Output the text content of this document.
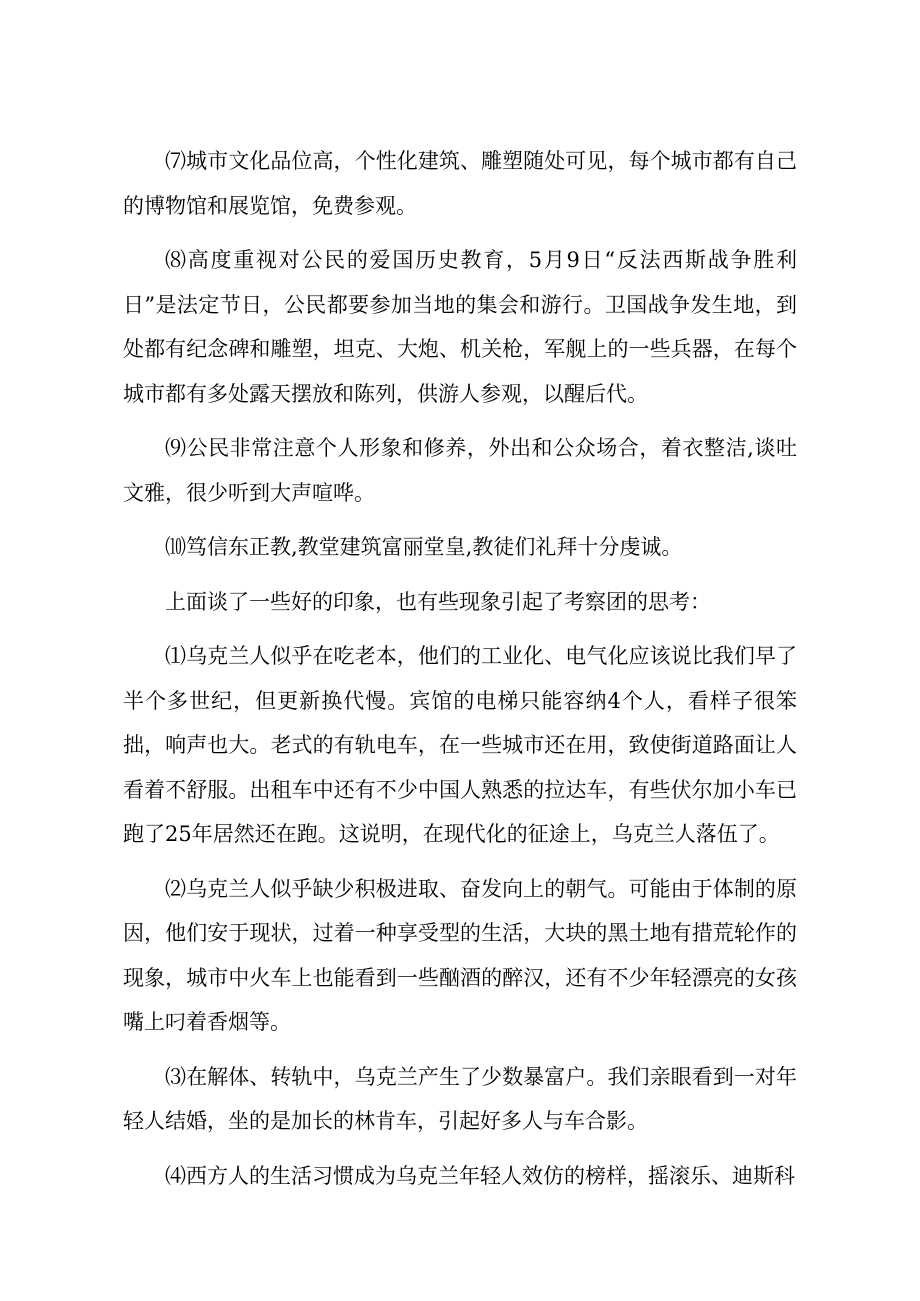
⑺城市文化品位高，个性化建筑、雕塑随处可见，每个城市都有自己的博物馆和展览馆，免费参观。

⑻高度重视对公民的爱国历史教育，5月9日“反法西斯战争胜利日”是法定节日，公民都要参加当地的集会和游行。卫国战争发生地，到处都有纪念碑和雕塑，坦克、大炮、机关枪，军舰上的一些兵器，在每个城市都有多处露天摆放和陈列，供游人参观，以醒后代。

⑼公民非常注意个人形象和修养，外出和公众场合，着衣整洁,谈吐文雅，很少听到大声喧哗。

⑽笃信东正教,教堂建筑富丽堂皇,教徒们礼拜十分虔诚。

上面谈了一些好的印象，也有些现象引起了考察团的思考：

⑴乌克兰人似乎在吃老本，他们的工业化、电气化应该说比我们早了半个多世纪，但更新换代慢。宾馆的电梯只能容纳4个人，看样子很笨拙，响声也大。老式的有轨电车，在一些城市还在用，致使街道路面让人看着不舒服。出租车中还有不少中国人熟悉的拉达车，有些伏尔加小车已跑了25年居然还在跑。这说明，在现代化的征途上，乌克兰人落伍了。

⑵乌克兰人似乎缺少积极进取、奋发向上的朝气。可能由于体制的原因，他们安于现状，过着一种享受型的生活，大块的黑土地有措荒轮作的现象，城市中火车上也能看到一些酗酒的醉汉，还有不少年轻漂亮的女孩嘴上叼着香烟等。

⑶在解体、转轨中，乌克兰产生了少数暴富户。我们亲眼看到一对年轻人结婚，坐的是加长的林肯车，引起好多人与车合影。

⑷西方人的生活习惯成为乌克兰年轻人效仿的榜样，摇滚乐、迪斯科
